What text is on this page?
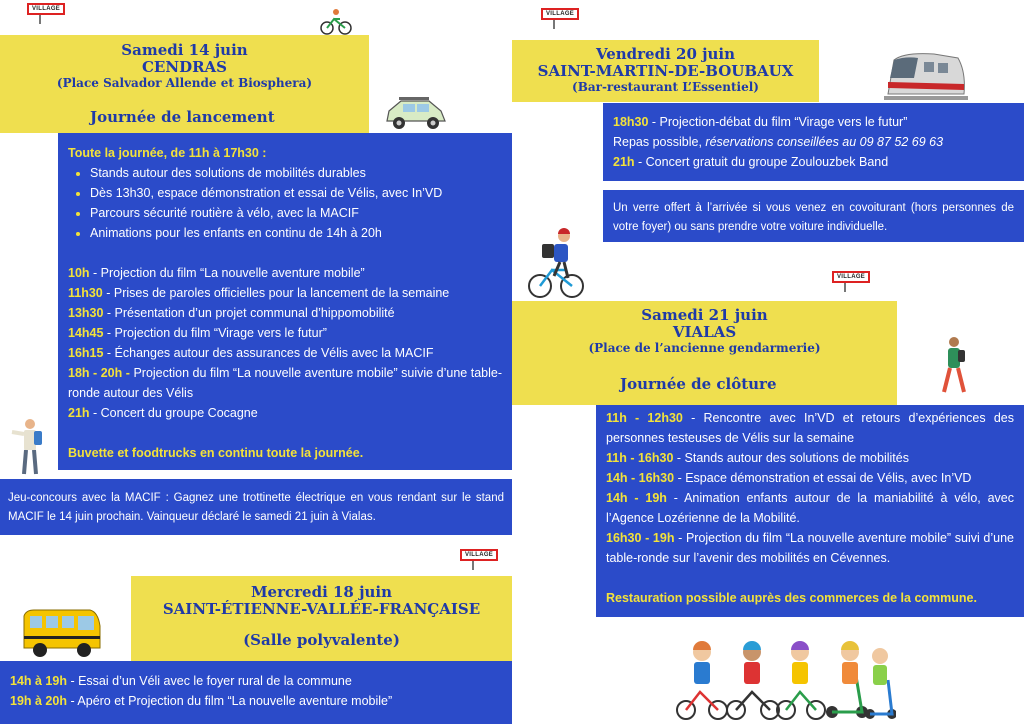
VILLAGE
VILLAGE
VILLAGE
VILLAGE
Samedi 14 juin
CENDRAS
(Place Salvador Allende et Biosphera)
Journée de lancement

Toute la journée, de 11h à 17h30 :

• Stands autour des solutions de mobilités durables
• Dès 13h30, espace démonstration et essai de Vélis, avec In’VD
• Parcours sécurité routière à vélo, avec la MACIF
• Animations pour les enfants en continu de 14h à 20h

10h - Projection du film “La nouvelle aventure mobile”

11h30 - Prises de paroles officielles pour la lancement de la semaine

13h30 - Présentation d’un projet communal d’hippomobilité

14h45 - Projection du film “Virage vers le futur”

16h15 - Échanges autour des assurances de Vélis avec la MACIF

18h - 20h - Projection du film “La nouvelle aventure mobile” suivie d’une table-ronde autour des Vélis

21h - Concert du groupe Cocagne

Buvette et foodtrucks en continu toute la journée.

Jeu-concours avec la MACIF : Gagnez une trottinette électrique en vous rendant sur le stand MACIF le 14 juin prochain. Vainqueur déclaré le samedi 21 juin à Vialas.

Vendredi 20 juin
SAINT-MARTIN-DE-BOUBAUX
(Bar-restaurant L’Essentiel)

18h30 - Projection-débat du film “Virage vers le futur”

Repas possible, réservations conseillées au 09 87 52 69 63

21h - Concert gratuit du groupe Zoulouzbek Band

Un verre offert à l’arrivée si vous venez en covoiturant (hors personnes de votre foyer) ou sans prendre votre voiture individuelle.

Samedi 21 juin
VIALAS
(Place de l’ancienne gendarmerie)
Journée de clôture

11h - 12h30 - Rencontre avec In’VD et retours d’expériences des personnes testeuses de Vélis sur la semaine

11h - 16h30 - Stands autour des solutions de mobilités

14h - 16h30 - Espace démonstration et essai de Vélis, avec In’VD

14h - 19h - Animation enfants autour de la maniabilité à vélo, avec l’Agence Lozérienne de la Mobilité.

16h30 - 19h - Projection du film “La nouvelle aventure mobile” suivi d’une table-ronde sur l’avenir des mobilités en Cévennes.

Restauration possible auprès des commerces de la commune.

Mercredi 18 juin
SAINT-ÉTIENNE-VALLÉE-FRANÇAISE
(Salle polyvalente)

14h à 19h - Essai d’un Véli avec le foyer rural de la commune

19h à 20h - Apéro et Projection du film “La nouvelle aventure mobile”
